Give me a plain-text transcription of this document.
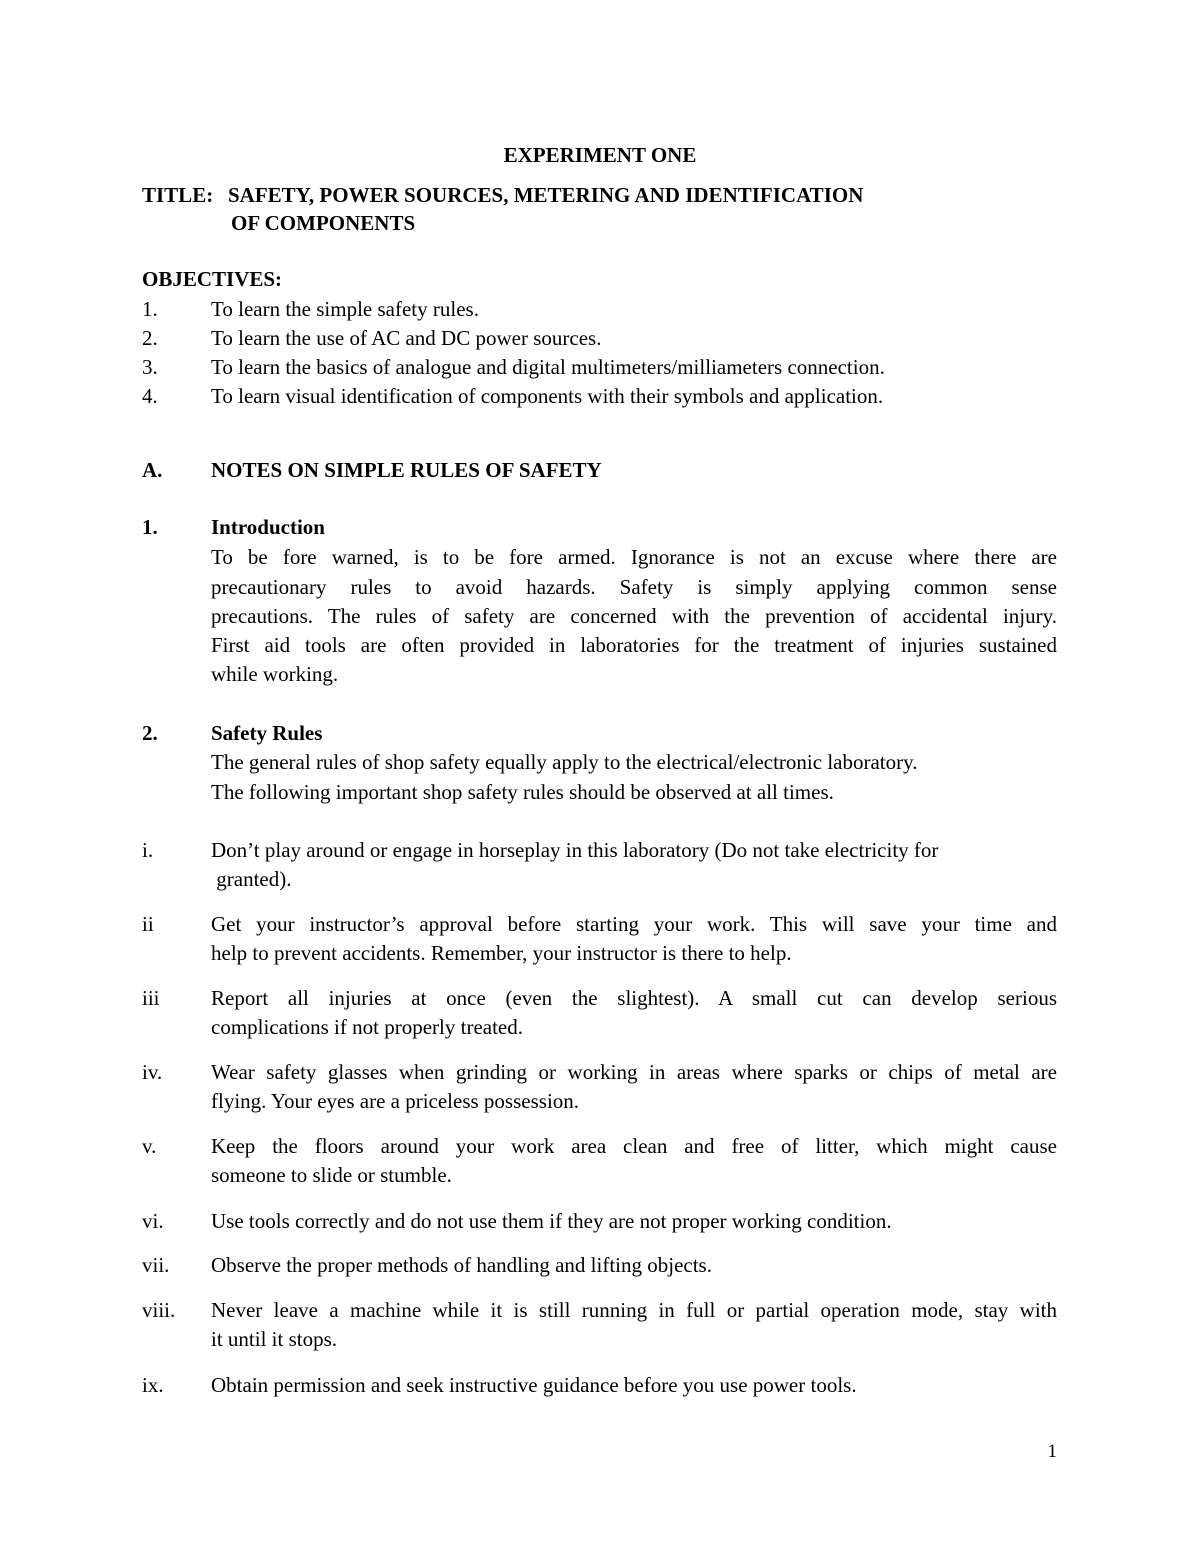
EXPERIMENT ONE
TITLE: SAFETY, POWER SOURCES, METERING AND IDENTIFICATION
OF COMPONENTS
OBJECTIVES:
1.	To learn the simple safety rules.
2.	To learn the use of AC and DC power sources.
3.	To learn the basics of analogue and digital multimeters/milliameters connection.
4.	To learn visual identification of components with their symbols and application.
A. NOTES ON SIMPLE RULES OF SAFETY
1.	Introduction
To be fore warned, is to be fore armed. Ignorance is not an excuse where there are
precautionary rules to avoid hazards. Safety is simply applying common sense
precautions. The rules of safety are concerned with the prevention of accidental injury.
First aid tools are often provided in laboratories for the treatment of injuries sustained
while working.
2.	Safety Rules
The general rules of shop safety equally apply to the electrical/electronic laboratory.
The following important shop safety rules should be observed at all times.
i.	Don’t play around or engage in horseplay in this laboratory (Do not take electricity for
granted).
ii	Get your instructor’s approval before starting your work. This will save your time and
help to prevent accidents. Remember, your instructor is there to help.
iii Report all injuries at once (even the slightest). A small cut can develop serious
complications if not properly treated.
iv. Wear safety glasses when grinding or working in areas where sparks or chips of metal are
flying. Your eyes are a priceless possession.
v.	Keep the floors around your work area clean and free of litter, which might cause
someone to slide or stumble.
vi. Use tools correctly and do not use them if they are not proper working condition.
vii. Observe the proper methods of handling and lifting objects.
viii. Never leave a machine while it is still running in full or partial operation mode, stay with
it until it stops.
ix. Obtain permission and seek instructive guidance before you use power tools.
1
